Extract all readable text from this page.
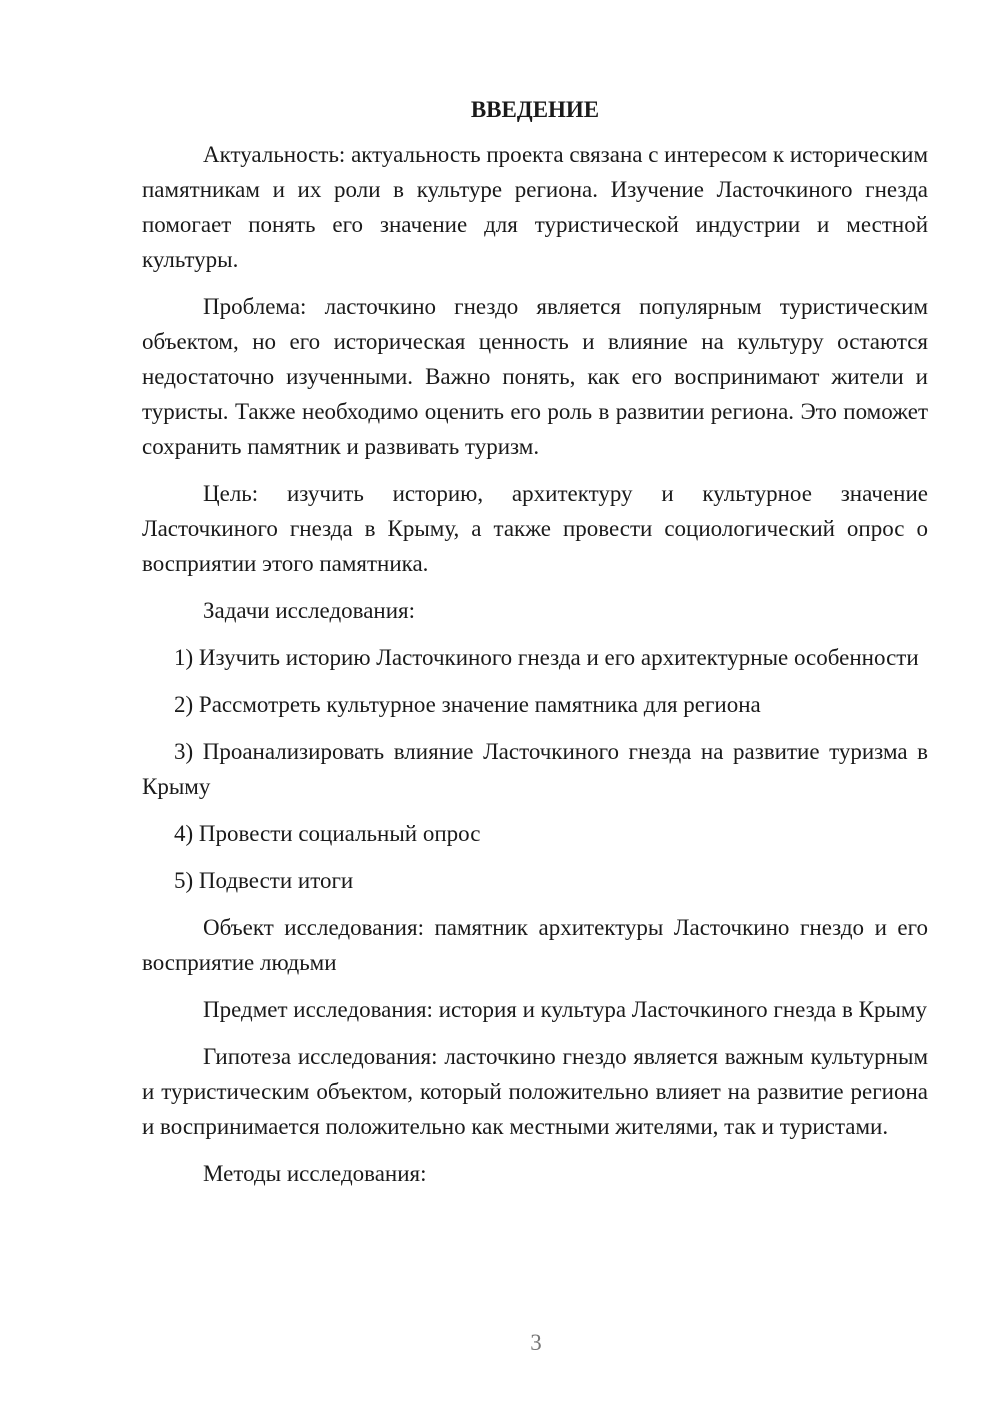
ВВЕДЕНИЕ

Актуальность: актуальность проекта связана с интересом к историческим памятникам и их роли в культуре региона. Изучение Ласточкиного гнезда помогает понять его значение для туристической индустрии и местной культуры.

Проблема: ласточкино гнездо является популярным туристическим объектом, но его историческая ценность и влияние на культуру остаются недостаточно изученными. Важно понять, как его воспринимают жители и туристы. Также необходимо оценить его роль в развитии региона. Это поможет сохранить памятник и развивать туризм.

Цель: изучить историю, архитектуру и культурное значение Ласточкиного гнезда в Крыму, а также провести социологический опрос о восприятии этого памятника.

Задачи исследования:

1) Изучить историю Ласточкиного гнезда и его архитектурные особенности

2) Рассмотреть культурное значение памятника для региона

3) Проанализировать влияние Ласточкиного гнезда на развитие туризма в Крыму

4) Провести социальный опрос

5) Подвести итоги

Объект исследования: памятник архитектуры Ласточкино гнездо и его восприятие людьми

Предмет исследования: история и культура Ласточкиного гнезда в Крыму

Гипотеза исследования: ласточкино гнездо является важным культурным и туристическим объектом, который положительно влияет на развитие региона и воспринимается положительно как местными жителями, так и туристами.

Методы исследования:

3
